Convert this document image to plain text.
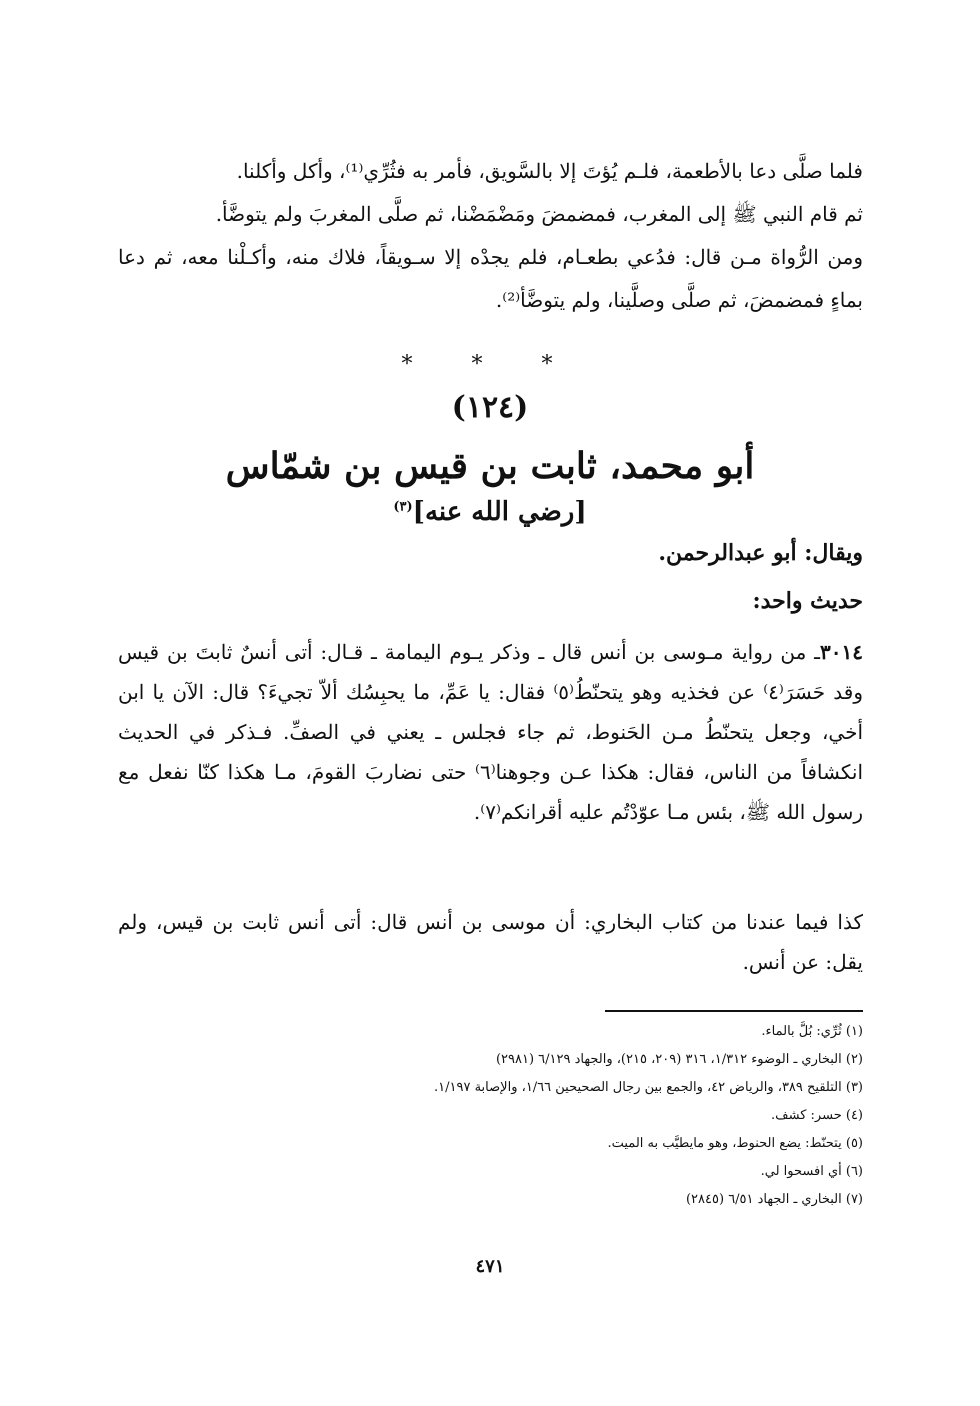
فلما صلَّى دعا بالأطعمة، فلـم يُؤتَ إلا بالسَّويق، فأمر به فثُرِّي⁽¹⁾، وأكل وأكلنا.

ثم قام النبي ﷺ إلى المغرب، فمضمضَ ومَضْمَضْنا، ثم صلَّى المغربَ ولم يتوضَّأ.

ومن الرُّواة مـن قال: فدُعي بطعـام، فلم يجدْه إلا سـويقاً، فلاك منه، وأكـلْنا معه، ثم دعا بماءٍ فمضمضَ، ثم صلَّى وصلَّينا، ولم يتوضَّأ⁽²⁾.

* * *
(١٢٤)
أبو محمد، ثابت بن قيس بن شمّاس
[رضي الله عنه]$^{(٣)}$
ويقال: أبو عبدالرحمن.
حديث واحد:
٣٠١٤ـ من رواية مـوسى بن أنس قال ـ وذكر يـوم اليمامة ـ قـال: أتى أنسٌ ثابتَ بن قيس وقد حَسَرَ⁽٤⁾ عن فخذيه وهو يتحنّطُ⁽٥⁾ فقال: يا عَمِّ، ما يحبِسُك ألاّ تجيءَ؟ قال: الآن يا ابن أخي، وجعل يتحنّطُ مـن الحَنوط، ثم جاء فجلس ـ يعني في الصفِّ. فـذكر في الحديث انكشافاً من الناس، فقال: هكذا عـن وجوهنا⁽٦⁾ حتى نضاربَ القومَ، مـا هكذا كنّا نفعل مع رسول الله ﷺ، بئس مـا عوّدْتُم عليه أقرانكم⁽٧⁾.
كذا فيما عندنا من كتاب البخاري: أن موسى بن أنس قال: أتى أنس ثابت بن قيس، ولم يقل: عن أنس.
(١) ثُرِّي: بُلَّ بالماء.
(٢) البخاري ـ الوضوء ١/٣١٢، ٣١٦ (٢٠٩، ٢١٥)، والجهاد ٦/١٢٩ (٢٩٨١)
(٣) التلقيح ٣٨٩، والرياض ٤٢، والجمع بين رجال الصحيحين ١/٦٦، والإصابة ١/١٩٧.
(٤) حسر: كشف.
(٥) يتحنّط: يضع الحنوط، وهو مايطيَّب به الميت.
(٦) أي افسحوا لي.
(٧) البخاري ـ الجهاد ٦/٥١ (٢٨٤٥)
٤٧١
